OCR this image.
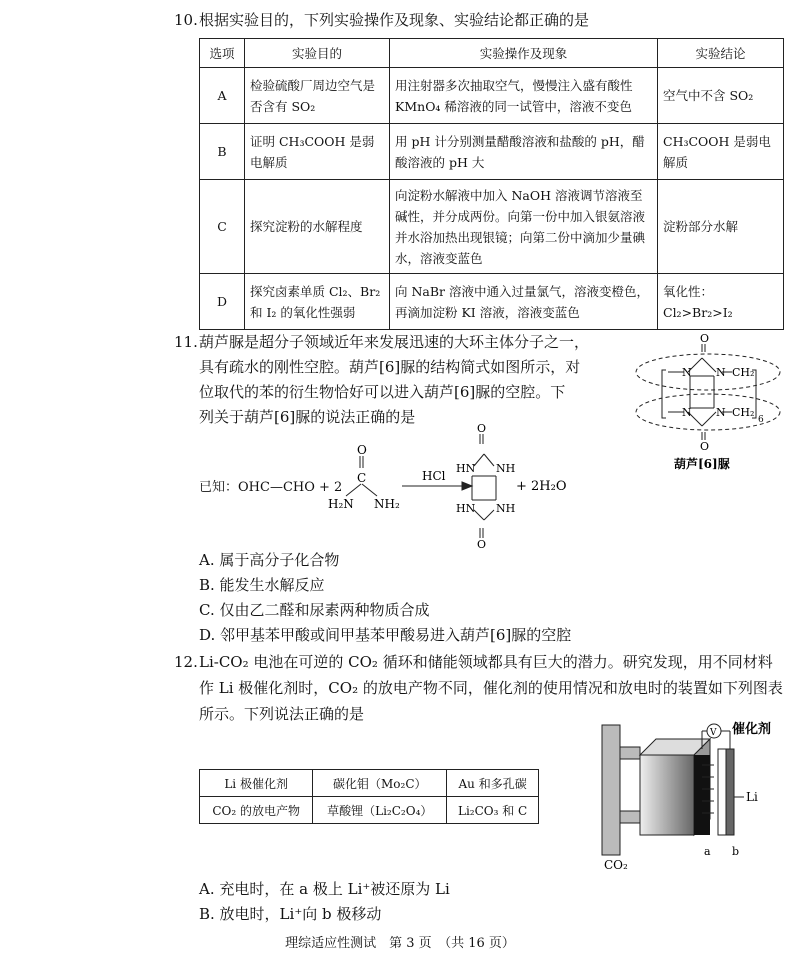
10. 根据实验目的，下列实验操作及现象、实验结论都正确的是
选项	实验目的	实验操作及现象	实验结论
A	检验硫酸厂周边空气是否含有 SO₂	用注射器多次抽取空气，慢慢注入盛有酸性 KMnO₄ 稀溶液的同一试管中，溶液不变色	空气中不含 SO₂
B	证明 CH₃COOH 是弱电解质	用 pH 计分别测量醋酸溶液和盐酸的 pH，醋酸溶液的 pH 大	CH₃COOH 是弱电解质
C	探究淀粉的水解程度	向淀粉水解液中加入 NaOH 溶液调节溶液至碱性，并分成两份。向第一份中加入银氨溶液并水浴加热出现银镜；向第二份中滴加少量碘水，溶液变蓝色	淀粉部分水解
D	探究卤素单质 Cl₂、Br₂ 和 I₂ 的氧化性强弱	向 NaBr 溶液中通入过量氯气，溶液变橙色，再滴加淀粉 KI 溶液，溶液变蓝色	氧化性：Cl₂>Br₂>I₂
11. 葫芦脲是超分子领域近年来发展迅速的大环主体分子之一，
具有疏水的刚性空腔。葫芦[6]脲的结构简式如图所示，对
位取代的苯的衍生物恰好可以进入葫芦[6]脲的空腔。下
列关于葫芦[6]脲的说法正确的是
O
N N
N N
O
CH₂
CH₂
6
葫芦[6]脲
已知：OHC—CHO + 2
O
C
H₂N NH₂
HCl
O
HN NH
HN NH
O
+ 2H₂O
A. 属于高分子化合物
B. 能发生水解反应
C. 仅由乙二醛和尿素两种物质合成
D. 邻甲基苯甲酸或间甲基苯甲酸易进入葫芦[6]脲的空腔
12. Li-CO₂ 电池在可逆的 CO₂ 循环和储能领域都具有巨大的潜力。研究发现，用不同材料
作 Li 极催化剂时，CO₂ 的放电产物不同，催化剂的使用情况和放电时的装置如下列图表
所示。下列说法正确的是
Li 极催化剂	碳化钼（Mo₂C）	Au 和多孔碳
CO₂ 的放电产物	草酸锂（Li₂C₂O₄）	Li₂CO₃ 和 C
V 催化剂
Li
CO₂
a b
A. 充电时，在 a 极上 Li⁺被还原为 Li
B. 放电时，Li⁺向 b 极移动
理综适应性测试　第 3 页　（共 16 页）
